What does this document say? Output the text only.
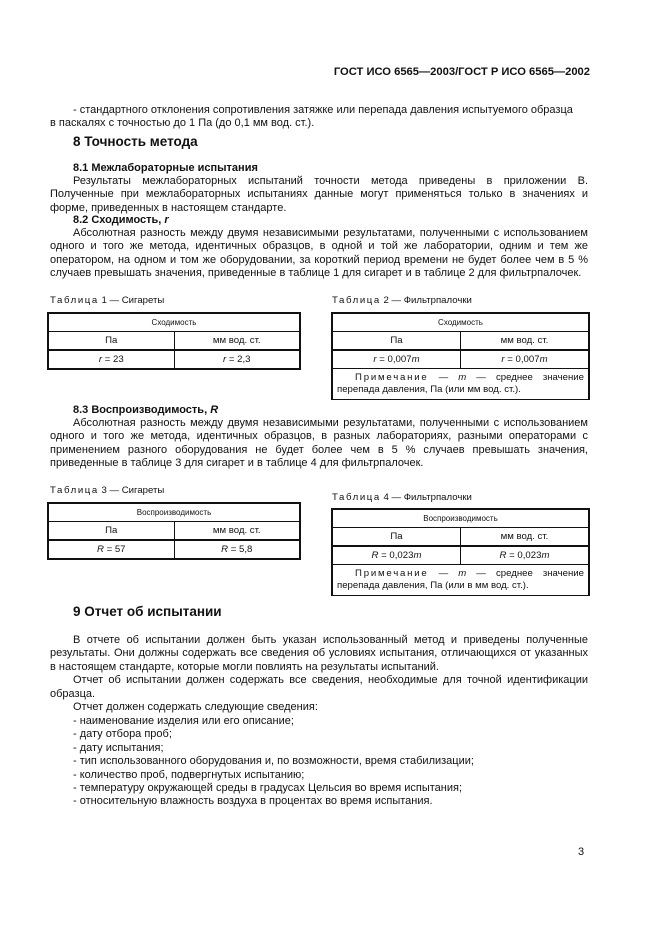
ГОСТ ИСО 6565—2003/ГОСТ Р ИСО 6565—2002

- стандартного отклонения сопротивления затяжке или перепада давления испытуемого образца

в паскалях с точностью до 1 Па (до 0,1 мм вод. ст.).

8 Точность метода
8.1 Межлабораторные испытания

Результаты межлабораторных испытаний точности метода приведены в приложении В. Полученные при межлабораторных испытаниях данные могут применяться только в значениях и форме, приведенных в настоящем стандарте.

8.2 Сходимость, r

Абсолютная разность между двумя независимыми результатами, полученными с использованием одного и того же метода, идентичных образцов, в одной и той же лаборатории, одним и тем же оператором, на одном и том же оборудовании, за короткий период времени не будет более чем в 5 % случаев превышать значения, приведенные в таблице 1 для сигарет и в таблице 2 для фильтрпалочек.

Таблица 1 — Сигареты	Таблица 2 — Фильтрпалочки
Сходимость	
Па	мм вод. ст.
r = 23	r = 2,3
Сходимость	
Па	мм вод. ст.
r = 0,007m	r = 0,007m
Примечание — m — среднее значение перепада давления, Па (или мм вод. ст.).	
8.3 Воспроизводимость, R

Абсолютная разность между двумя независимыми результатами, полученными с использованием одного и того же метода, идентичных образцов, в разных лабораториях, разными операторами с применением разного оборудования не будет более чем в 5 % случаев превышать значения, приведенные в таблице 3 для сигарет и в таблице 4 для фильтрпалочек.

Таблица 3 — Сигареты
Таблица 4 — Фильтрпалочки
Воспроизводимость	
Па	мм вод. ст.
R = 57	R = 5,8
Воспроизводимость	
Па	мм вод. ст.
R = 0,023m	R = 0,023m
Примечание — m — среднее значение перепада давления, Па (или в мм вод. ст.).	
9 Отчет об испытании

В отчете об испытании должен быть указан использованный метод и приведены полученные результаты. Они должны содержать все сведения об условиях испытания, отличающихся от указанных в настоящем стандарте, которые могли повлиять на результаты испытаний.

Отчет об испытании должен содержать все сведения, необходимые для точной идентификации образца.

Отчет должен содержать следующие сведения:

- наименование изделия или его описание;
- дату отбора проб;
- дату испытания;
- тип использованного оборудования и, по возможности, время стабилизации;
- количество проб, подвергнутых испытанию;
- температуру окружающей среды в градусах Цельсия во время испытания;
- относительную влажность воздуха в процентах во время испытания.
3
